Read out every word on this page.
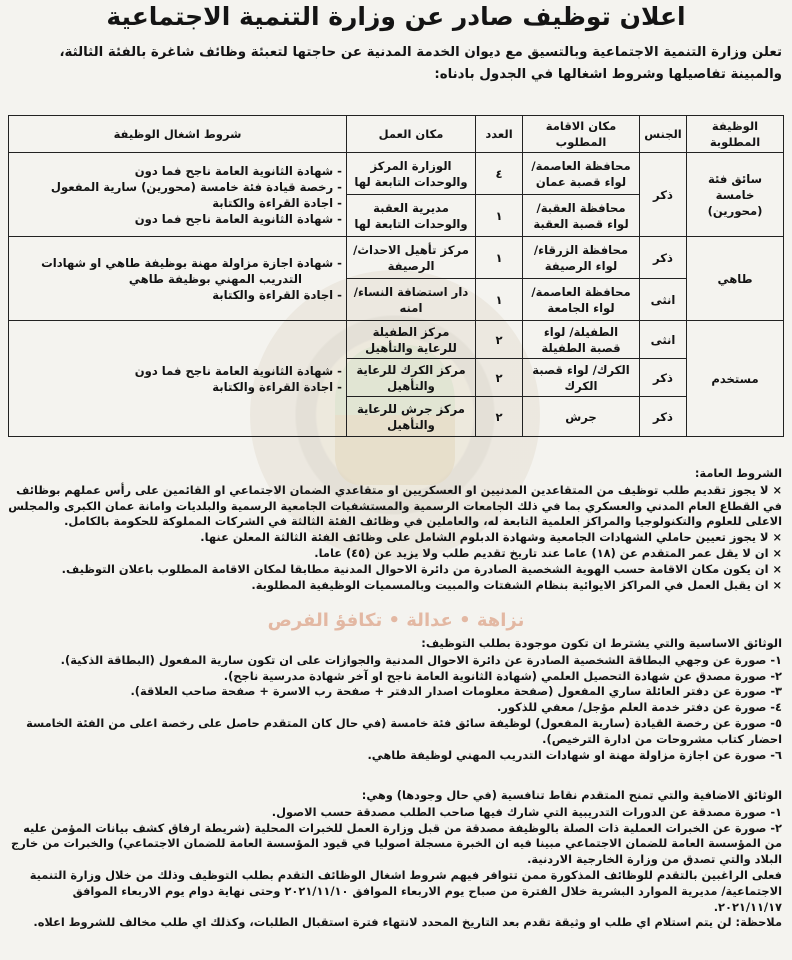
اعلان توظيف صادر عن وزارة التنمية الاجتماعية

تعلن وزارة التنمية الاجتماعية وبالتسيق مع ديوان الخدمة المدنية عن حاجتها لتعبئة وظائف شاغرة بالفئة الثالثة، والمبينة تفاصيلها وشروط اشغالها في الجدول بادناه:

الوظيفة المطلوبة	الجنس	مكان الاقامة المطلوب	العدد	مكان العمل	شروط اشغال الوظيفة
سائق فئة خامسة (محورين)	ذكر	محافظة العاصمة/ لواء قصبة عمان	٤	الوزارة المركز والوحدات التابعة لها	- شهادة الثانوية العامة ناجح فما دون
- رخصة قيادة فئة خامسة (محورين) سارية المفعول
- اجادة القراءة والكتابة
- شهادة الثانوية العامة ناجح فما دون

		محافظة العقبة/ لواء قصبة العقبة	١	مديرية العقبة والوحدات التابعة لها	
طاهي	ذكر	محافظة الزرقاء/ لواء الرصيفة	١	مركز تأهيل الاحداث/ الرصيفة	- شهادة اجازة مزاولة مهنة بوظيفة طاهي او شهادات
التدريب المهني بوظيفة طاهي
- اجادة القراءة والكتابة

	انثى	محافظة العاصمة/ لواء الجامعة	١	دار استضافة النساء/ امنه	
مستخدم	انثى	الطفيلة/ لواء قصبة الطفيلة	٢	مركز الطفيلة للرعاية والتأهيل	- شهادة الثانوية العامة ناجح فما دون
- اجادة القراءة والكتابة

	ذكر	الكرك/ لواء قصبة الكرك	٢	مركز الكرك للرعاية والتأهيل	
	ذكر	جرش	٢	مركز جرش للرعاية والتأهيل	

الشروط العامة:

× لا يجوز تقديم طلب توظيف من المتقاعدين المدنيين او العسكريين او متقاعدي الضمان الاجتماعي او القائمين على رأس عملهم بوظائف في القطاع العام المدني والعسكري بما في ذلك الجامعات الرسمية والمستشفيات الجامعية الرسمية والبلديات وامانة عمان الكبرى والمجلس الاعلى للعلوم والتكنولوجيا والمراكز العلمية التابعة له، والعاملين في وظائف الفئة الثالثة في الشركات المملوكة للحكومة بالكامل.

× لا يجوز تعيين حاملي الشهادات الجامعية وشهادة الدبلوم الشامل على وظائف الفئة الثالثة المعلن عنها.

× ان لا يقل عمر المتقدم عن (١٨) عاما عند تاريخ تقديم طلب ولا يزيد عن (٤٥) عاما.

× ان يكون مكان الاقامة حسب الهوية الشخصية الصادرة من دائرة الاحوال المدنية مطابقا لمكان الاقامة المطلوب باعلان التوظيف.

× ان يقبل العمل في المراكز الايوائية بنظام الشفتات والمبيت وبالمسميات الوظيفية المطلوبة.

نزاهة • عدالة • تكافؤ الفرص

الوثائق الاساسية والتي يشترط ان تكون موجودة بطلب التوظيف:

١- صورة عن وجهي البطاقة الشخصية الصادرة عن دائرة الاحوال المدنية والجوازات على ان تكون سارية المفعول (البطاقة الذكية).

٢- صورة مصدق عن شهادة التحصيل العلمي (شهادة الثانوية العامة ناجح او آخر شهادة مدرسية ناجح).

٣- صورة عن دفتر العائلة ساري المفعول (صفحة معلومات اصدار الدفتر + صفحة رب الاسرة + صفحة صاحب العلاقة).

٤- صورة عن دفتر خدمة العلم مؤجل/ معفي للذكور.

٥- صورة عن رخصة القيادة (سارية المفعول) لوظيفة سائق فئة خامسة (في حال كان المتقدم حاصل على رخصة اعلى من الفئة الخامسة احضار كتاب مشروحات من ادارة الترخيص).

٦- صورة عن اجازة مزاولة مهنة او شهادات التدريب المهني لوظيفة طاهي.

الوثائق الاضافية والتي تمنح المتقدم نقاط تنافسية (في حال وجودها) وهي:

١- صورة مصدقة عن الدورات التدريبية التي شارك فيها صاحب الطلب مصدقة حسب الاصول.

٢- صورة عن الخبرات العملية ذات الصلة بالوظيفة مصدقة من قبل وزارة العمل للخبرات المحلية (شريطة ارفاق كشف بيانات المؤمن عليه من المؤسسة العامة للضمان الاجتماعي مبينا فيه ان الخبرة مسجلة اصوليا في قيود المؤسسة العامة للضمان الاجتماعي) والخبرات من خارج البلاد والتي تصدق من وزارة الخارجية الاردنية.

فعلى الراغبين بالتقدم للوظائف المذكورة ممن تتوافر فيهم شروط اشغال الوظائف التقدم بطلب التوظيف وذلك من خلال وزارة التنمية الاجتماعية/ مديرية الموارد البشرية خلال الفترة من صباح يوم الاربعاء الموافق ٢٠٢١/١١/١٠ وحتى نهاية دوام يوم الاربعاء الموافق ٢٠٢١/١١/١٧.

ملاحظة: لن يتم استلام اي طلب او وثيقة تقدم بعد التاريخ المحدد لانتهاء فترة استقبال الطلبات، وكذلك اي طلب مخالف للشروط اعلاه.
